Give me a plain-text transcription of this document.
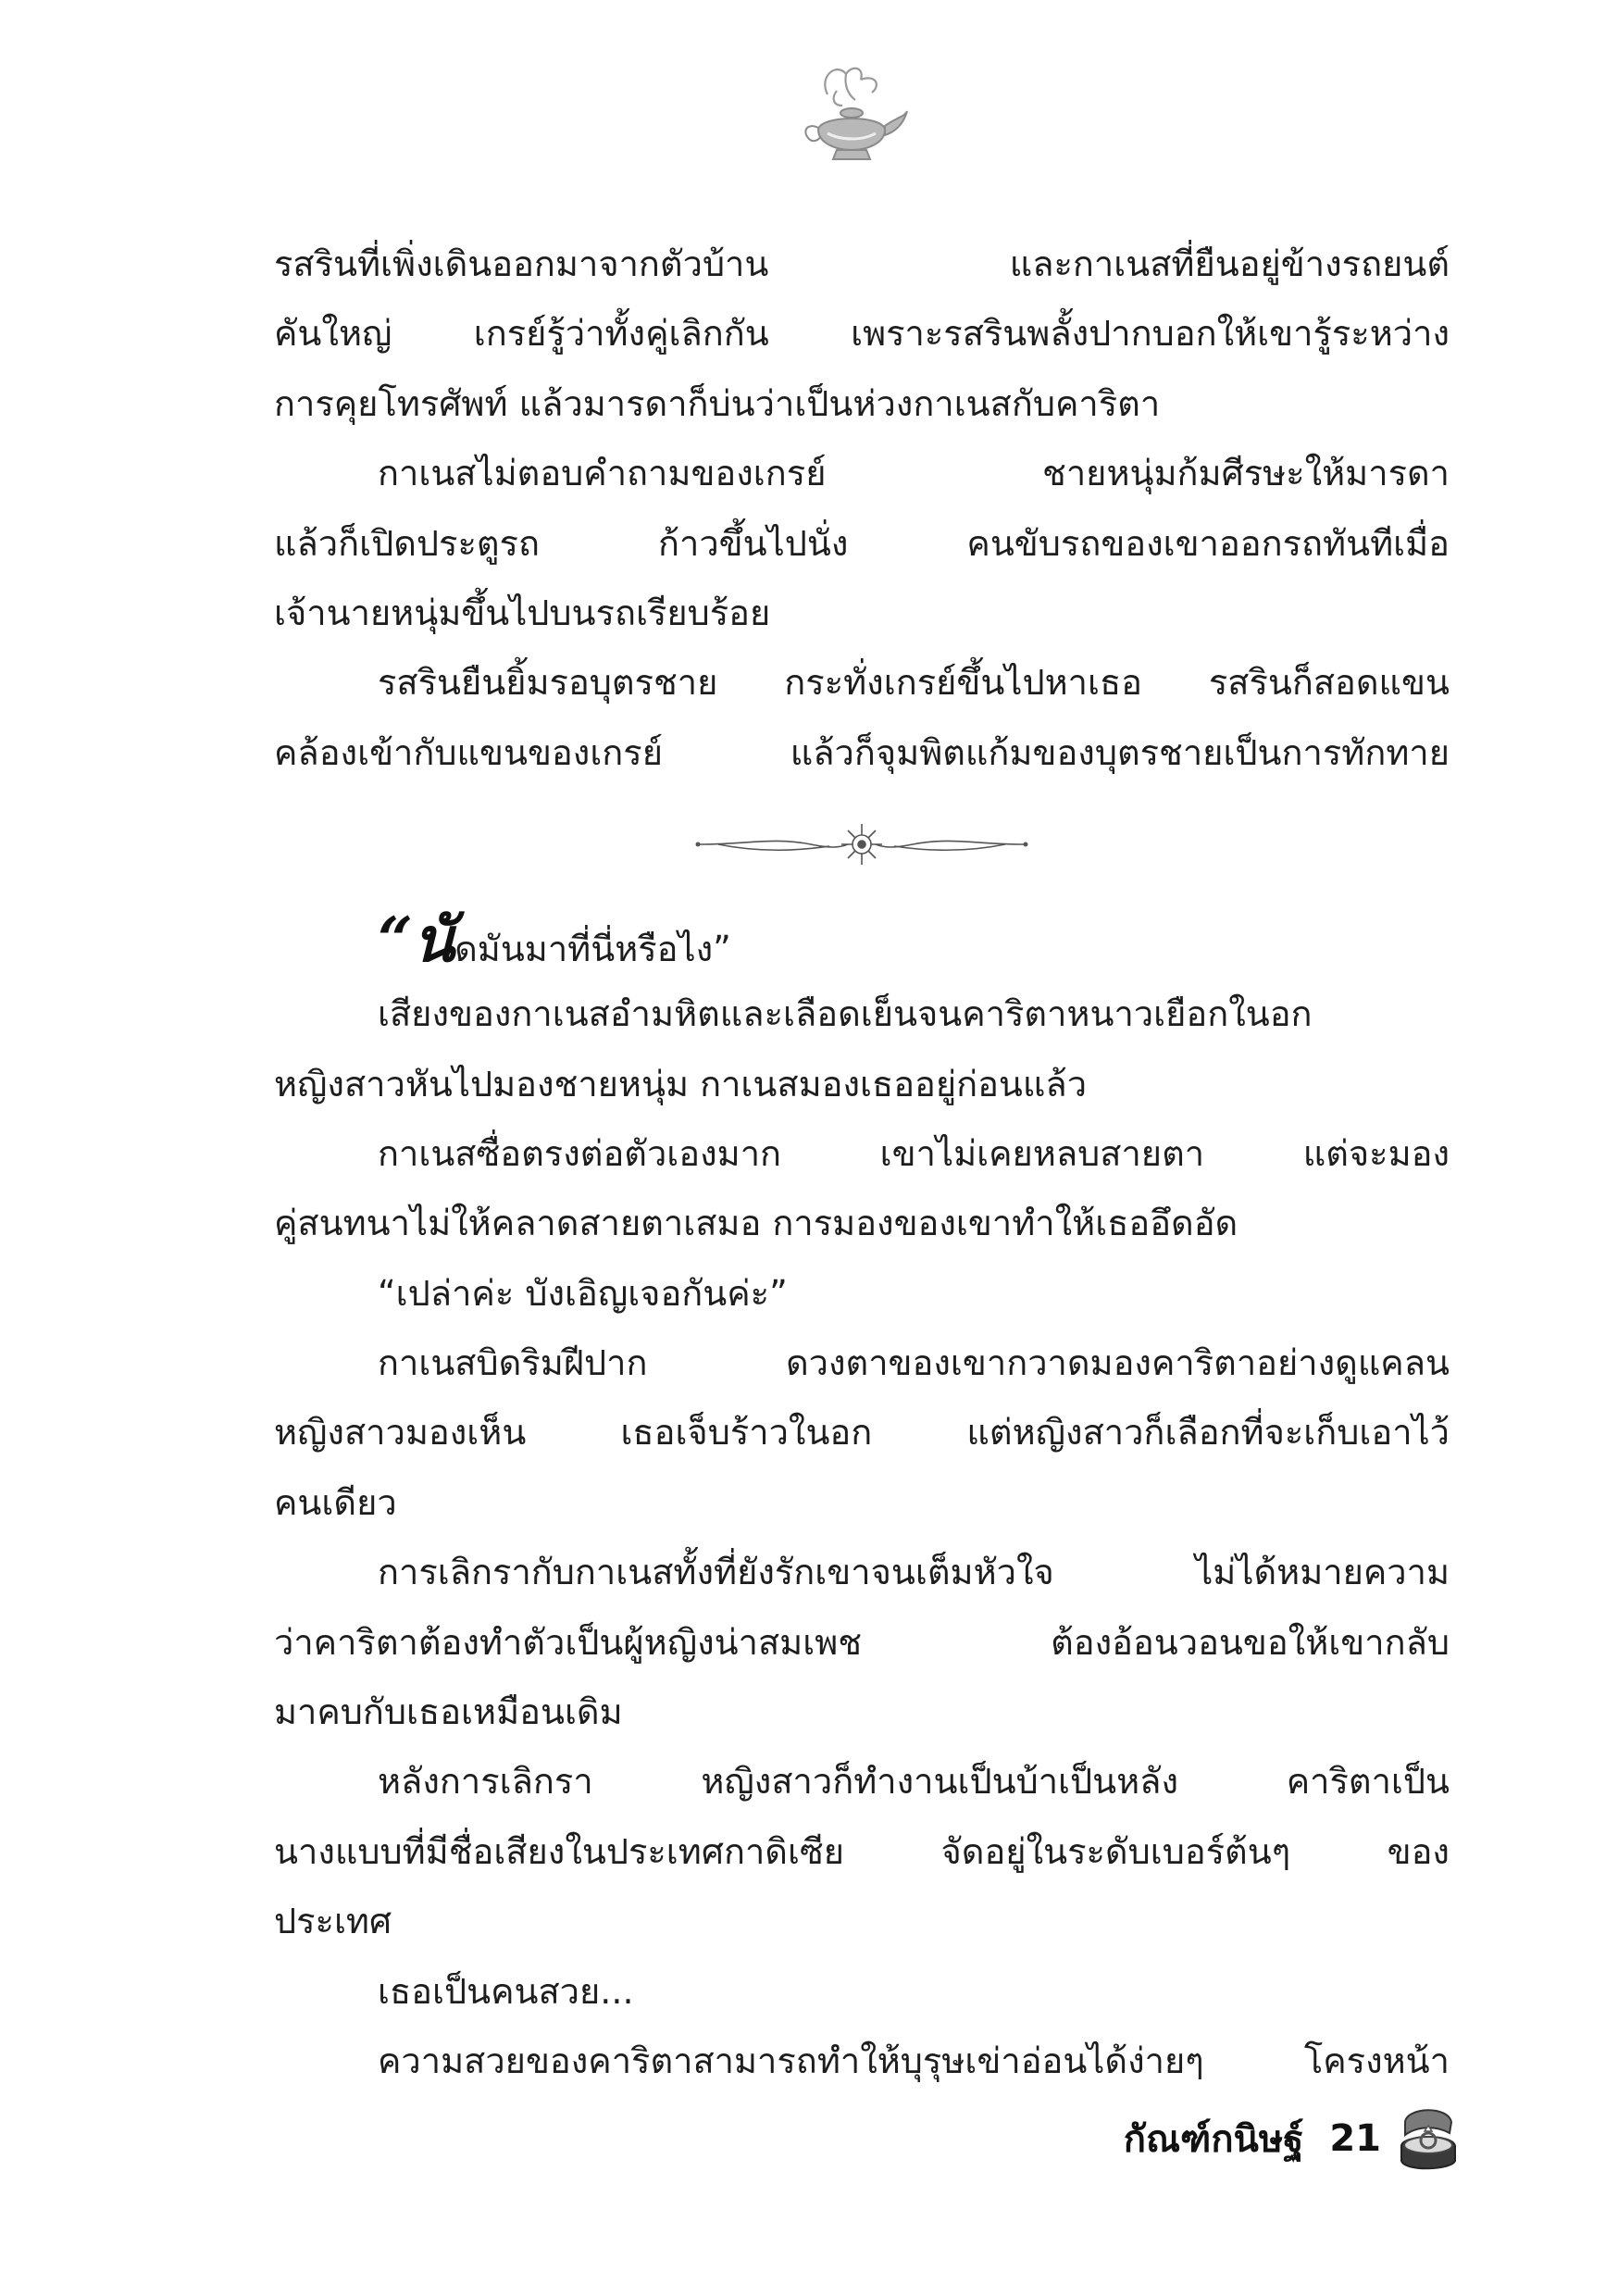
รสรินที่เพิ่งเดินออกมาจากตัวบ้าน และกาเนสที่ยืนอยู่ข้างรถยนต์
คันใหญ่ เกรย์รู้ว่าทั้งคู่เลิกกัน เพราะรสรินพลั้งปากบอกให้เขารู้ระหว่าง
การคุยโทรศัพท์ แล้วมารดาก็บ่นว่าเป็นห่วงกาเนสกับคาริตา
กาเนสไม่ตอบคำถามของเกรย์ ชายหนุ่มก้มศีรษะให้มารดา
แล้วก็เปิดประตูรถ ก้าวขึ้นไปนั่ง คนขับรถของเขาออกรถทันทีเมื่อ
เจ้านายหนุ่มขึ้นไปบนรถเรียบร้อย
รสรินยืนยิ้มรอบุตรชาย กระทั่งเกรย์ขึ้นไปหาเธอ รสรินก็สอดแขน
คล้องเข้ากับแขนของเกรย์ แล้วก็จุมพิตแก้มของบุตรชายเป็นการทักทาย
“นัดมันมาที่นี่หรือไง”
เสียงของกาเนสอำมหิตและเลือดเย็นจนคาริตาหนาวเยือกในอก
หญิงสาวหันไปมองชายหนุ่ม กาเนสมองเธออยู่ก่อนแล้ว
กาเนสซื่อตรงต่อตัวเองมาก เขาไม่เคยหลบสายตา แต่จะมอง
คู่สนทนาไม่ให้คลาดสายตาเสมอ การมองของเขาทำให้เธออึดอัด
“เปล่าค่ะ บังเอิญเจอกันค่ะ”
กาเนสบิดริมฝีปาก ดวงตาของเขากวาดมองคาริตาอย่างดูแคลน
หญิงสาวมองเห็น เธอเจ็บร้าวในอก แต่หญิงสาวก็เลือกที่จะเก็บเอาไว้
คนเดียว
การเลิกรากับกาเนสทั้งที่ยังรักเขาจนเต็มหัวใจ ไม่ได้หมายความ
ว่าคาริตาต้องทำตัวเป็นผู้หญิงน่าสมเพช ต้องอ้อนวอนขอให้เขากลับ
มาคบกับเธอเหมือนเดิม
หลังการเลิกรา หญิงสาวก็ทำงานเป็นบ้าเป็นหลัง คาริตาเป็น
นางแบบที่มีชื่อเสียงในประเทศกาดิเซีย จัดอยู่ในระดับเบอร์ต้นๆ ของ
ประเทศ
เธอเป็นคนสวย...
ความสวยของคาริตาสามารถทำให้บุรุษเข่าอ่อนได้ง่ายๆ โครงหน้า
กัณฑ์กนิษฐ์ 21
